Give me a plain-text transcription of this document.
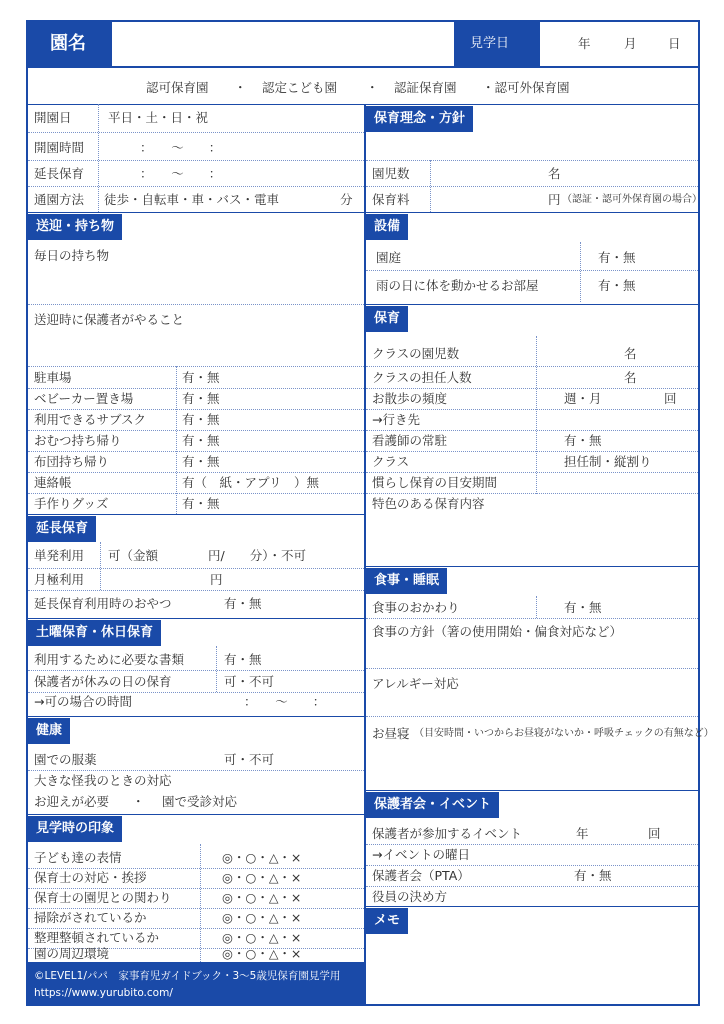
園名	見学日	年	月	日
認可保育園 ・ 認定こども園 ・ 認証保育園 ・認可外保育園
開園日	平日・土・日・祝
開園時間	：　　～　　：
延長保育	：　　～　　：
通園方法 徒歩・自転車・車・バス・電車	分
送迎・持ち物
毎日の持ち物
送迎時に保護者がやること
駐車場	有・無
ベビーカー置き場	有・無
利用できるサブスク	有・無
おむつ持ち帰り	有・無
布団持ち帰り	有・無
連絡帳	有（　紙・アプリ　）無
手作りグッズ	有・無
延長保育
単発利用 可（金額　　　　円/　　分）・不可
月極利用	円
延長保育利用時のおやつ	有・無
土曜保育・休日保育
利用するために必要な書類	有・無
保護者が休みの日の保育	可・不可
→可の場合の時間	：　　～　　：
健康
園での服薬	可・不可
大きな怪我のときの対応
お迎えが必要 ・ 園で受診対応
見学時の印象
子ども達の表情	◎・○・△・×
保育士の対応・挨拶	◎・○・△・×
保育士の園児との関わり	◎・○・△・×
掃除がされているか	◎・○・△・×
整理整頓されているか	◎・○・△・×
園の周辺環境	◎・○・△・×
©LEVEL1/パパ　家事育児ガイドブック・3～5歳児保育園見学用
https://www.yurubito.com/
保育理念・方針
園児数	名
保育料	円 （認証・認可外保育園の場合）
設備
園庭	有・無
雨の日に体を動かせるお部屋	有・無
保育
クラスの園児数	名
クラスの担任人数	名
お散歩の頻度	週・月	回
→行き先
看護師の常駐	有・無
クラス	担任制・縦割り
慣らし保育の目安期間
特色のある保育内容
食事・睡眠
食事のおかわり	有・無
食事の方針（箸の使用開始・偏食対応など）
アレルギー対応
お昼寝 （目安時間・いつからお昼寝がないか・呼吸チェックの有無など）
保護者会・イベント
保護者が参加するイベント	年	回
→イベントの曜日
保護者会（PTA）	有・無
役員の決め方
メモ
